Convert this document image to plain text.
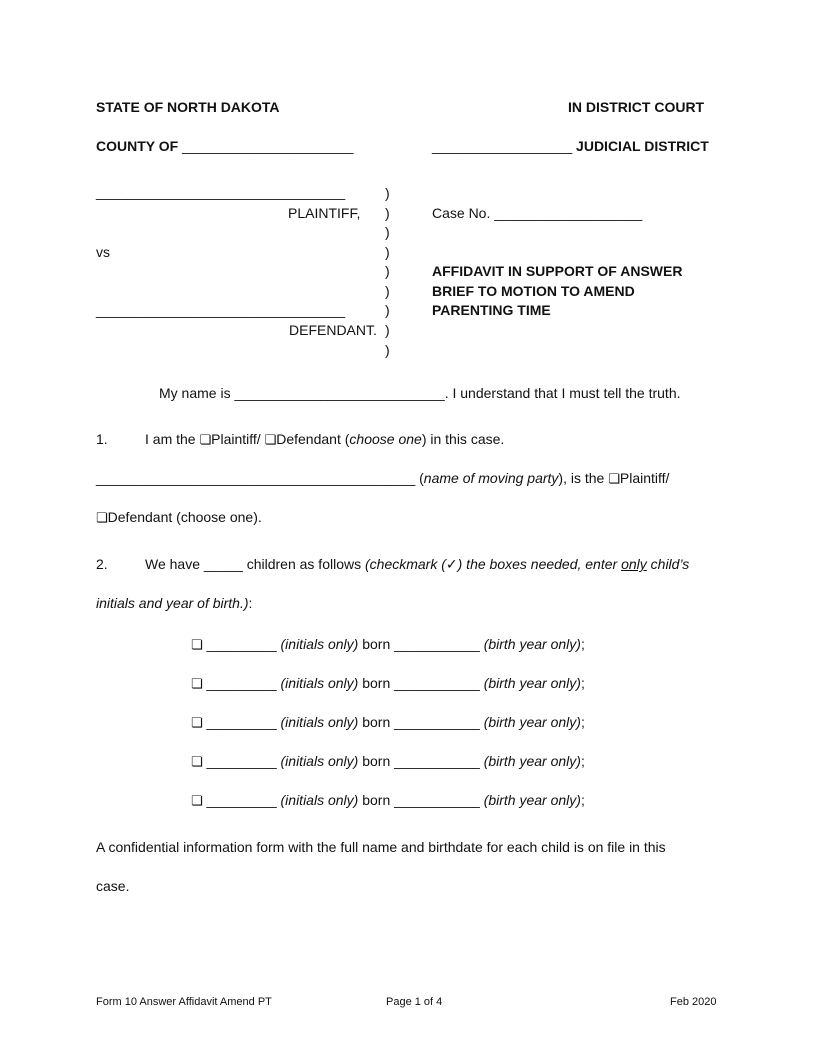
STATE OF NORTH DAKOTA	IN DISTRICT COURT
COUNTY OF ______________________	__________________ JUDICIAL DISTRICT
________________________________
PLAINTIFF,
vs
________________________________
DEFENDANT.
)
)
)
)
)
)
)
)
)
Case No. ___________________
AFFIDAVIT IN SUPPORT OF ANSWER
BRIEF TO MOTION TO AMEND
PARENTING TIME
My name is ___________________________. I understand that I must tell the truth.
1.	I am the ❏Plaintiff/ ❏Defendant (choose one) in this case.
_________________________________________ (name of moving party), is the ❏Plaintiff/
❏Defendant (choose one).
2.	We have _____ children as follows (checkmark (✓) the boxes needed, enter only child’s
initials and year of birth.):
❏ _________ (initials only) born ___________ (birth year only);
❏ _________ (initials only) born ___________ (birth year only);
❏ _________ (initials only) born ___________ (birth year only);
❏ _________ (initials only) born ___________ (birth year only);
❏ _________ (initials only) born ___________ (birth year only);
A confidential information form with the full name and birthdate for each child is on file in this
case.
Form 10 Answer Affidavit Amend PT	Page 1 of 4	Feb 2020
